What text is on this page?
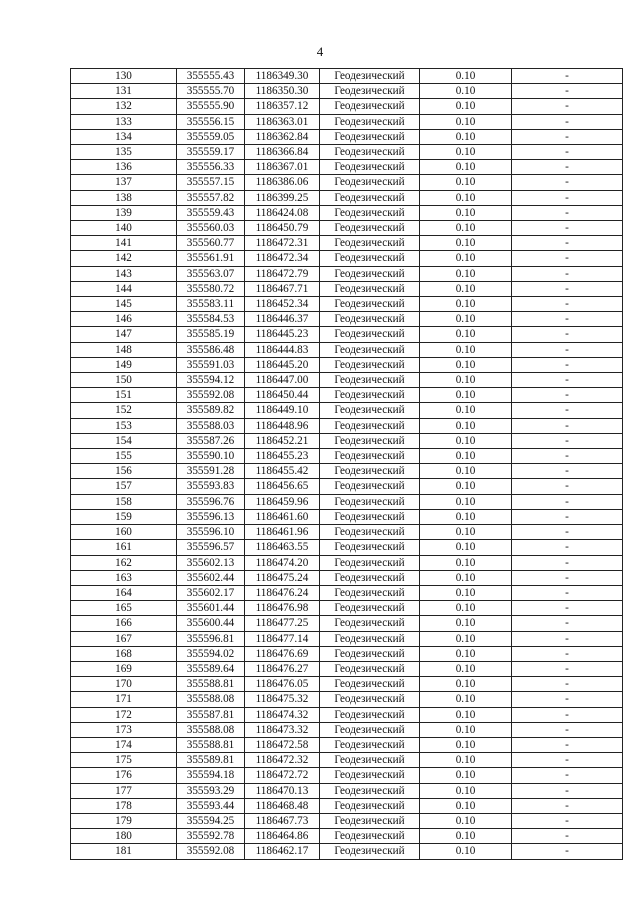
4
130	355555.43	1186349.30	Геодезический	0.10	-
131	355555.70	1186350.30	Геодезический	0.10	-
132	355555.90	1186357.12	Геодезический	0.10	-
133	355556.15	1186363.01	Геодезический	0.10	-
134	355559.05	1186362.84	Геодезический	0.10	-
135	355559.17	1186366.84	Геодезический	0.10	-
136	355556.33	1186367.01	Геодезический	0.10	-
137	355557.15	1186386.06	Геодезический	0.10	-
138	355557.82	1186399.25	Геодезический	0.10	-
139	355559.43	1186424.08	Геодезический	0.10	-
140	355560.03	1186450.79	Геодезический	0.10	-
141	355560.77	1186472.31	Геодезический	0.10	-
142	355561.91	1186472.34	Геодезический	0.10	-
143	355563.07	1186472.79	Геодезический	0.10	-
144	355580.72	1186467.71	Геодезический	0.10	-
145	355583.11	1186452.34	Геодезический	0.10	-
146	355584.53	1186446.37	Геодезический	0.10	-
147	355585.19	1186445.23	Геодезический	0.10	-
148	355586.48	1186444.83	Геодезический	0.10	-
149	355591.03	1186445.20	Геодезический	0.10	-
150	355594.12	1186447.00	Геодезический	0.10	-
151	355592.08	1186450.44	Геодезический	0.10	-
152	355589.82	1186449.10	Геодезический	0.10	-
153	355588.03	1186448.96	Геодезический	0.10	-
154	355587.26	1186452.21	Геодезический	0.10	-
155	355590.10	1186455.23	Геодезический	0.10	-
156	355591.28	1186455.42	Геодезический	0.10	-
157	355593.83	1186456.65	Геодезический	0.10	-
158	355596.76	1186459.96	Геодезический	0.10	-
159	355596.13	1186461.60	Геодезический	0.10	-
160	355596.10	1186461.96	Геодезический	0.10	-
161	355596.57	1186463.55	Геодезический	0.10	-
162	355602.13	1186474.20	Геодезический	0.10	-
163	355602.44	1186475.24	Геодезический	0.10	-
164	355602.17	1186476.24	Геодезический	0.10	-
165	355601.44	1186476.98	Геодезический	0.10	-
166	355600.44	1186477.25	Геодезический	0.10	-
167	355596.81	1186477.14	Геодезический	0.10	-
168	355594.02	1186476.69	Геодезический	0.10	-
169	355589.64	1186476.27	Геодезический	0.10	-
170	355588.81	1186476.05	Геодезический	0.10	-
171	355588.08	1186475.32	Геодезический	0.10	-
172	355587.81	1186474.32	Геодезический	0.10	-
173	355588.08	1186473.32	Геодезический	0.10	-
174	355588.81	1186472.58	Геодезический	0.10	-
175	355589.81	1186472.32	Геодезический	0.10	-
176	355594.18	1186472.72	Геодезический	0.10	-
177	355593.29	1186470.13	Геодезический	0.10	-
178	355593.44	1186468.48	Геодезический	0.10	-
179	355594.25	1186467.73	Геодезический	0.10	-
180	355592.78	1186464.86	Геодезический	0.10	-
181	355592.08	1186462.17	Геодезический	0.10	-
